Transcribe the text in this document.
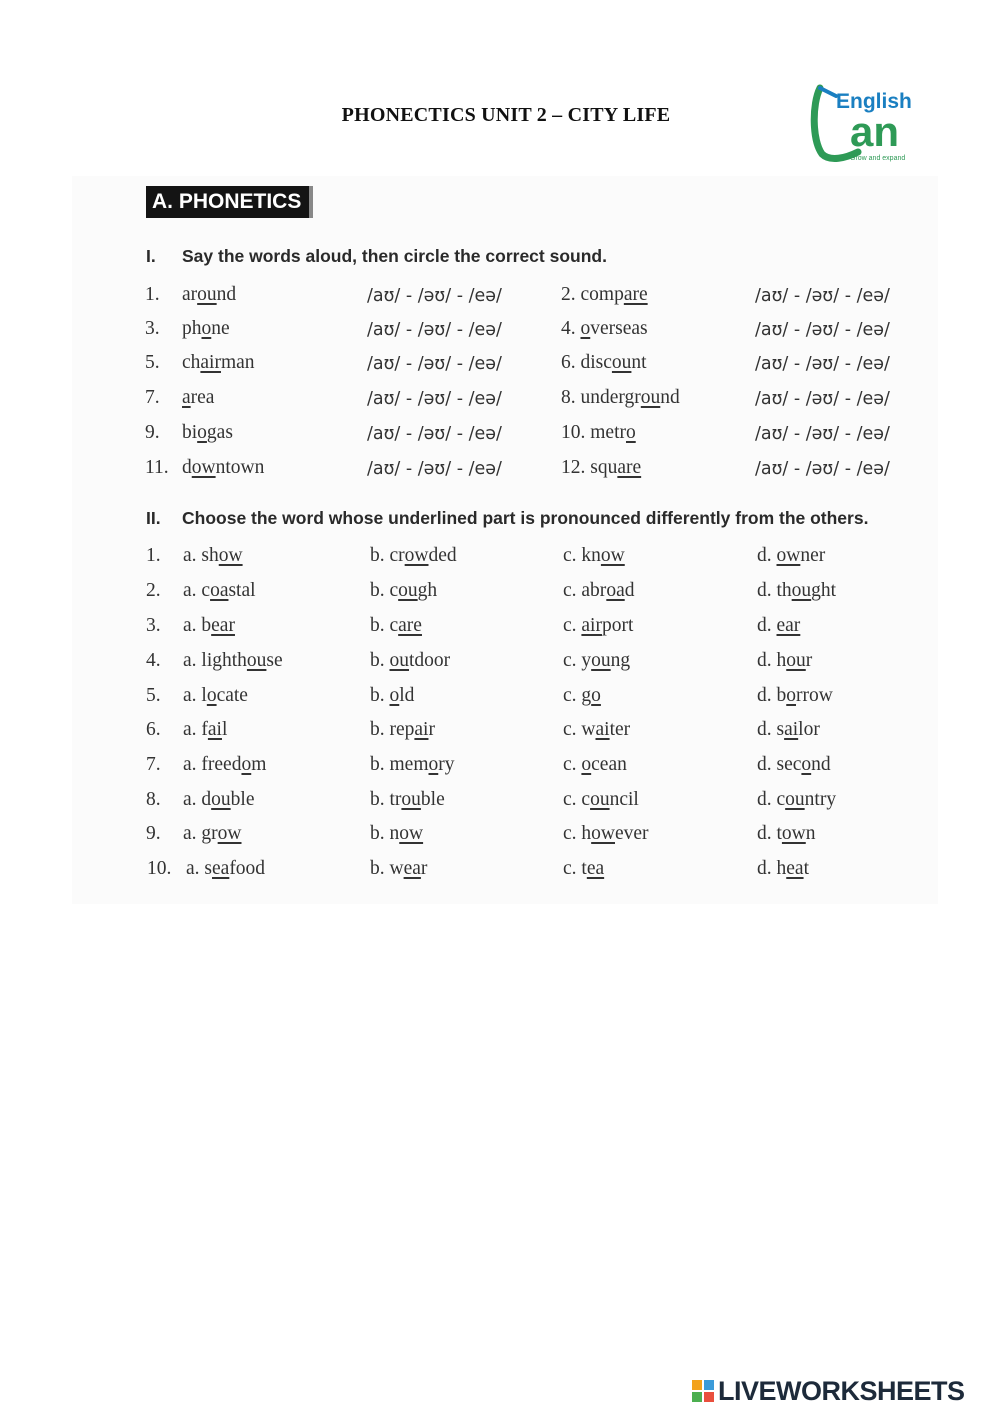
PHONECTICS UNIT 2 – CITY LIFE
English
an
Grow and expand
A. PHONETICS
I. Say the words aloud, then circle the correct sound.
1. around	/aʊ/ - /əʊ/ - /eə/	2. compare	/aʊ/ - /əʊ/ - /eə/
3. phone	/aʊ/ - /əʊ/ - /eə/	4. overseas	/aʊ/ - /əʊ/ - /eə/
5. chairman	/aʊ/ - /əʊ/ - /eə/	6. discount	/aʊ/ - /əʊ/ - /eə/
7. area	/aʊ/ - /əʊ/ - /eə/	8. underground	/aʊ/ - /əʊ/ - /eə/
9. biogas	/aʊ/ - /əʊ/ - /eə/	10. metro	/aʊ/ - /əʊ/ - /eə/
11. downtown	/aʊ/ - /əʊ/ - /eə/	12. square	/aʊ/ - /əʊ/ - /eə/
II. Choose the word whose underlined part is pronounced differently from the others.
1. a. show	b. crowded	c. know	d. owner
2. a. coastal	b. cough	c. abroad	d. thought
3. a. bear	b. care	c. airport	d. ear
4. a. lighthouse	b. outdoor	c. young	d. hour
5. a. locate	b. old	c. go	d. borrow
6. a. fail	b. repair	c. waiter	d. sailor
7. a. freedom	b. memory	c. ocean	d. second
8. a. double	b. trouble	c. council	d. country
9. a. grow	b. now	c. however	d. town
10. a. seafood	b. wear	c. tea	d. heat
LIVEWORKSHEETS
